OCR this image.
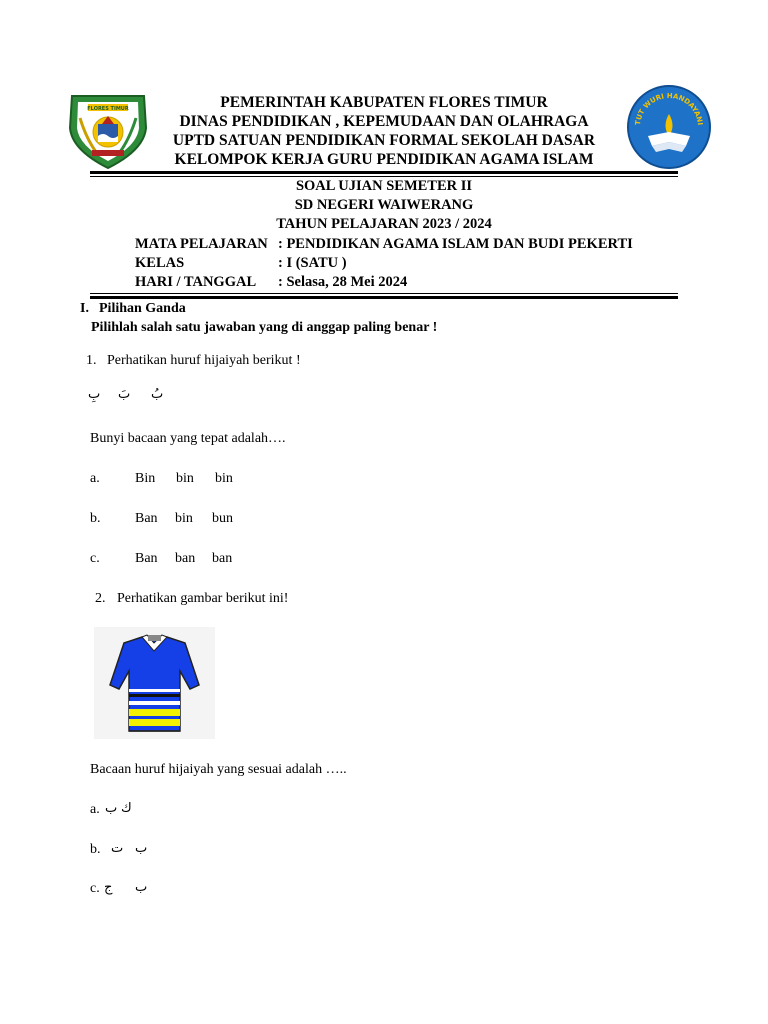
FLORES TIMUR
TUT WURI HANDAYANI
PEMERINTAH KABUPATEN FLORES TIMUR
DINAS PENDIDIKAN , KEPEMUDAAN DAN OLAHRAGA
UPTD SATUAN PENDIDIKAN FORMAL SEKOLAH DASAR
KELOMPOK KERJA GURU PENDIDIKAN AGAMA ISLAM
SOAL UJIAN SEMETER II
SD NEGERI WAIWERANG
TAHUN PELAJARAN 2023 / 2024
MATA PELAJARAN : PENDIDIKAN AGAMA ISLAM DAN BUDI PEKERTI
KELAS	: I (SATU )
HARI / TANGGAL : Selasa, 28 Mei 2024
I. Pilihan Ganda
Pilihlah salah satu jawaban yang di anggap paling benar !
1. Perhatikan huruf hijaiyah berikut !
بِ بَ بُ
Bunyi bacaan yang tepat adalah….
a.	Bin bin bin
b. Ban bin bun
c.	Ban ban ban
2. Perhatikan gambar berikut ini!
Bacaan huruf hijaiyah yang sesuai adalah …..
a. ب ك
b. ت ب
c. ج ب
